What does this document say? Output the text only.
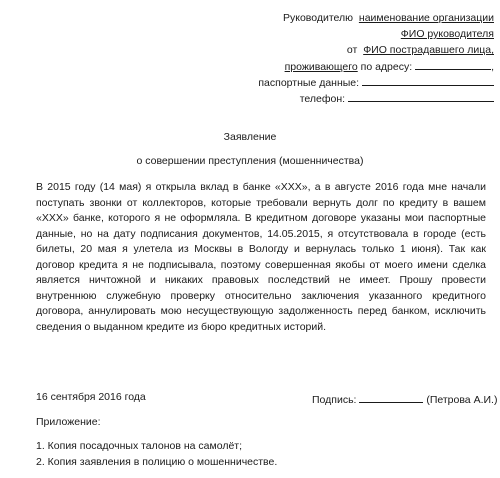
Руководителю наименование организации
ФИО руководителя
от ФИО пострадавшего лица,
проживающего по адресу:	,
паспортные данные:
телефон:
Заявление
о совершении преступления (мошенничества)

В 2015 году (14 мая) я открыла вклад в банке «ХХХ», а в августе 2016 года мне начали поступать звонки от коллекторов, которые требовали вернуть долг по кредиту в вашем «ХХХ» банке, которого я не оформляла. В кредитном договоре указаны мои паспортные данные, но на дату подписания документов, 14.05.2015, я отсутствовала в городе (есть билеты, 20 мая я улетела из Москвы в Вологду и вернулась только 1 июня). Так как договор кредита я не подписывала, поэтому совершенная якобы от моего имени сделка является ничтожной и никаких правовых последствий не имеет. Прошу провести внутреннюю служебную проверку относительно заключения указанного кредитного договора, аннулировать мою несуществующую задолженность перед банком, исключить сведения о выданном кредите из бюро кредитных историй.

16 сентября 2016 года	Подпись:	(Петрова А.И.)
Приложение:
1. Копия посадочных талонов на самолёт;
2. Копия заявления в полицию о мошенничестве.
